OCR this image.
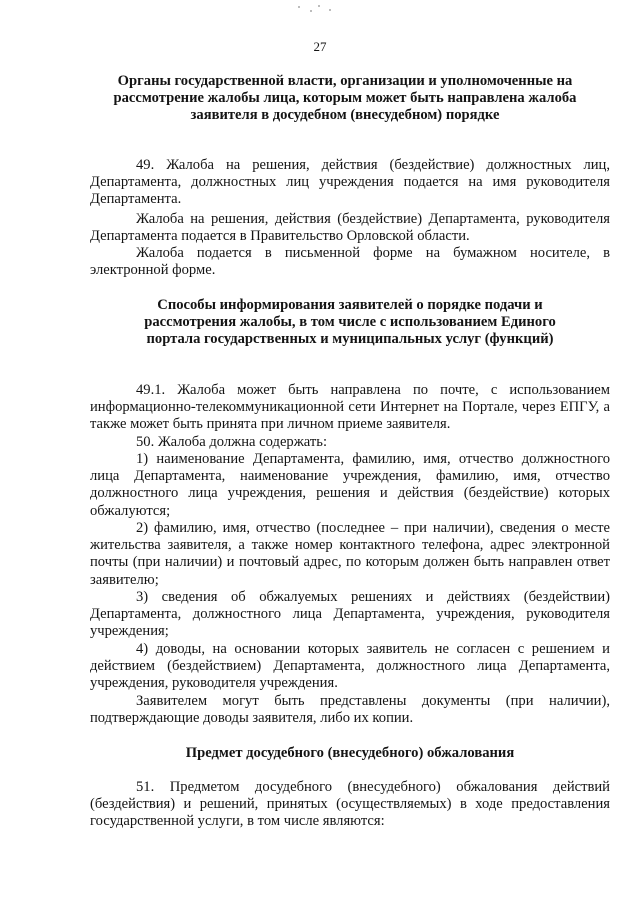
27
Органы государственной власти, организации и уполномоченные на рассмотрение жалобы лица, которым может быть направлена жалоба заявителя в досудебном (внесудебном) порядке
49. Жалоба на решения, действия (бездействие) должностных лиц, Департамента, должностных лиц учреждения подается на имя руководителя Департамента.
Жалоба на решения, действия (бездействие) Департамента, руководителя Департамента подается в Правительство Орловской области.
Жалоба подается в письменной форме на бумажном носителе, в электронной форме.
Способы информирования заявителей о порядке подачи и рассмотрения жалобы, в том числе с использованием Единого портала государственных и муниципальных услуг (функций)
49.1. Жалоба может быть направлена по почте, с использованием информационно-телекоммуникационной сети Интернет на Портале, через ЕПГУ, а также может быть принята при личном приеме заявителя.
50. Жалоба должна содержать:
1) наименование Департамента, фамилию, имя, отчество должностного лица Департамента, наименование учреждения, фамилию, имя, отчество должностного лица учреждения, решения и действия (бездействие) которых обжалуются;
2) фамилию, имя, отчество (последнее – при наличии), сведения о месте жительства заявителя, а также номер контактного телефона, адрес электронной почты (при наличии) и почтовый адрес, по которым должен быть направлен ответ заявителю;
3) сведения об обжалуемых решениях и действиях (бездействии) Департамента, должностного лица Департамента, учреждения, руководителя учреждения;
4) доводы, на основании которых заявитель не согласен с решением и действием (бездействием) Департамента, должностного лица Департамента, учреждения, руководителя учреждения.
Заявителем могут быть представлены документы (при наличии), подтверждающие доводы заявителя, либо их копии.
Предмет досудебного (внесудебного) обжалования
51. Предметом досудебного (внесудебного) обжалования действий (бездействия) и решений, принятых (осуществляемых) в ходе предоставления государственной услуги, в том числе являются:
